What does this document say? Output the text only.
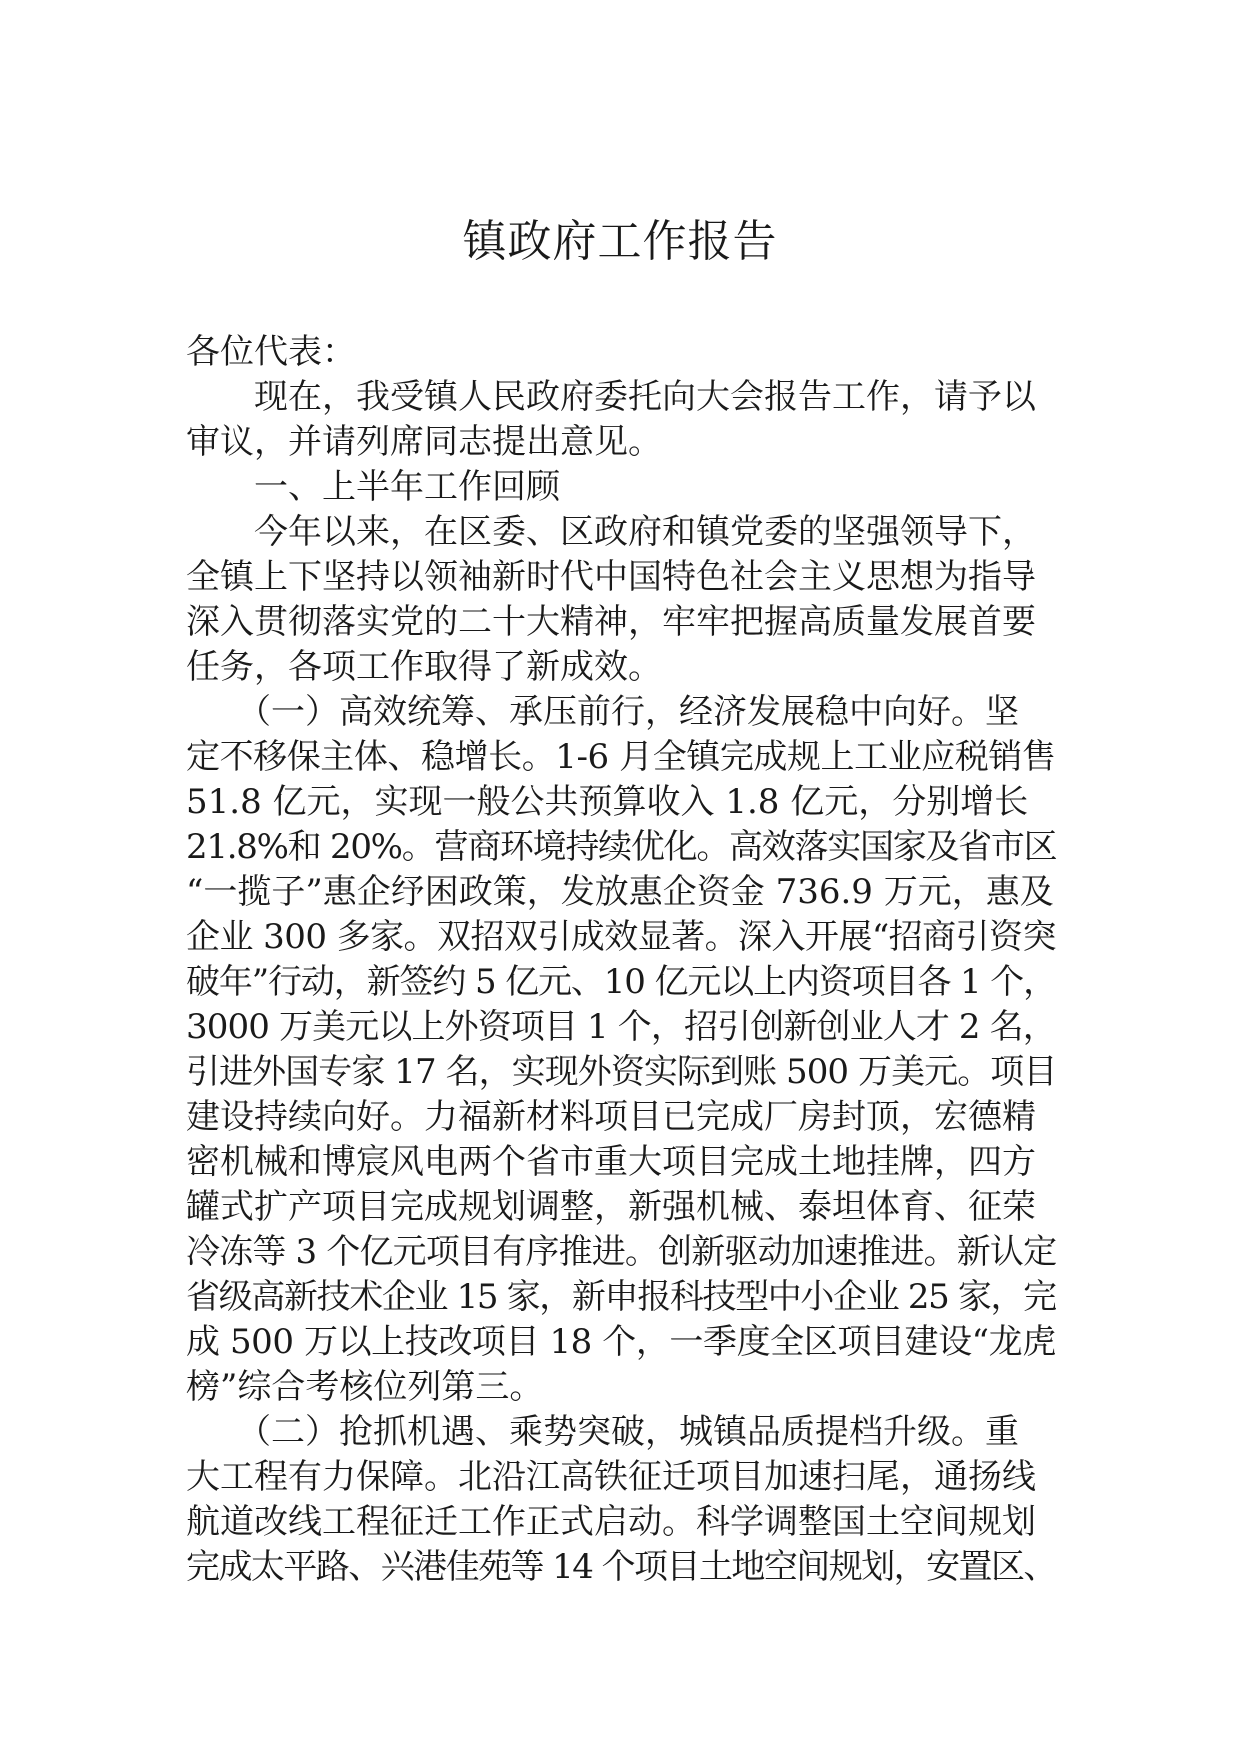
镇政府工作报告
各位代表：
　　现在，我受镇人民政府委托向大会报告工作，请予以
审议，并请列席同志提出意见。
　　一、上半年工作回顾
　　今年以来，在区委、区政府和镇党委的坚强领导下，
全镇上下坚持以领袖新时代中国特色社会主义思想为指导
深入贯彻落实党的二十大精神，牢牢把握高质量发展首要
任务，各项工作取得了新成效。
　　（一）高效统筹、承压前行，经济发展稳中向好。坚
定不移保主体、稳增长。1-6 月全镇完成规上工业应税销售
51.8 亿元，实现一般公共预算收入 1.8 亿元，分别增长
21.8%和 20%。营商环境持续优化。高效落实国家及省市区
“一揽子”惠企纾困政策，发放惠企资金 736.9 万元，惠及
企业 300 多家。双招双引成效显著。深入开展“招商引资突
破年”行动，新签约 5 亿元、10 亿元以上内资项目各 1 个，
3000 万美元以上外资项目 1 个，招引创新创业人才 2 名，
引进外国专家 17 名，实现外资实际到账 500 万美元。项目
建设持续向好。力福新材料项目已完成厂房封顶，宏德精
密机械和博宸风电两个省市重大项目完成土地挂牌，四方
罐式扩产项目完成规划调整，新强机械、泰坦体育、征荣
冷冻等 3 个亿元项目有序推进。创新驱动加速推进。新认定
省级高新技术企业 15 家，新申报科技型中小企业 25 家，完
成 500 万以上技改项目 18 个，一季度全区项目建设“龙虎
榜”综合考核位列第三。
　　（二）抢抓机遇、乘势突破，城镇品质提档升级。重
大工程有力保障。北沿江高铁征迁项目加速扫尾，通扬线
航道改线工程征迁工作正式启动。科学调整国土空间规划
完成太平路、兴港佳苑等 14 个项目土地空间规划，安置区、
